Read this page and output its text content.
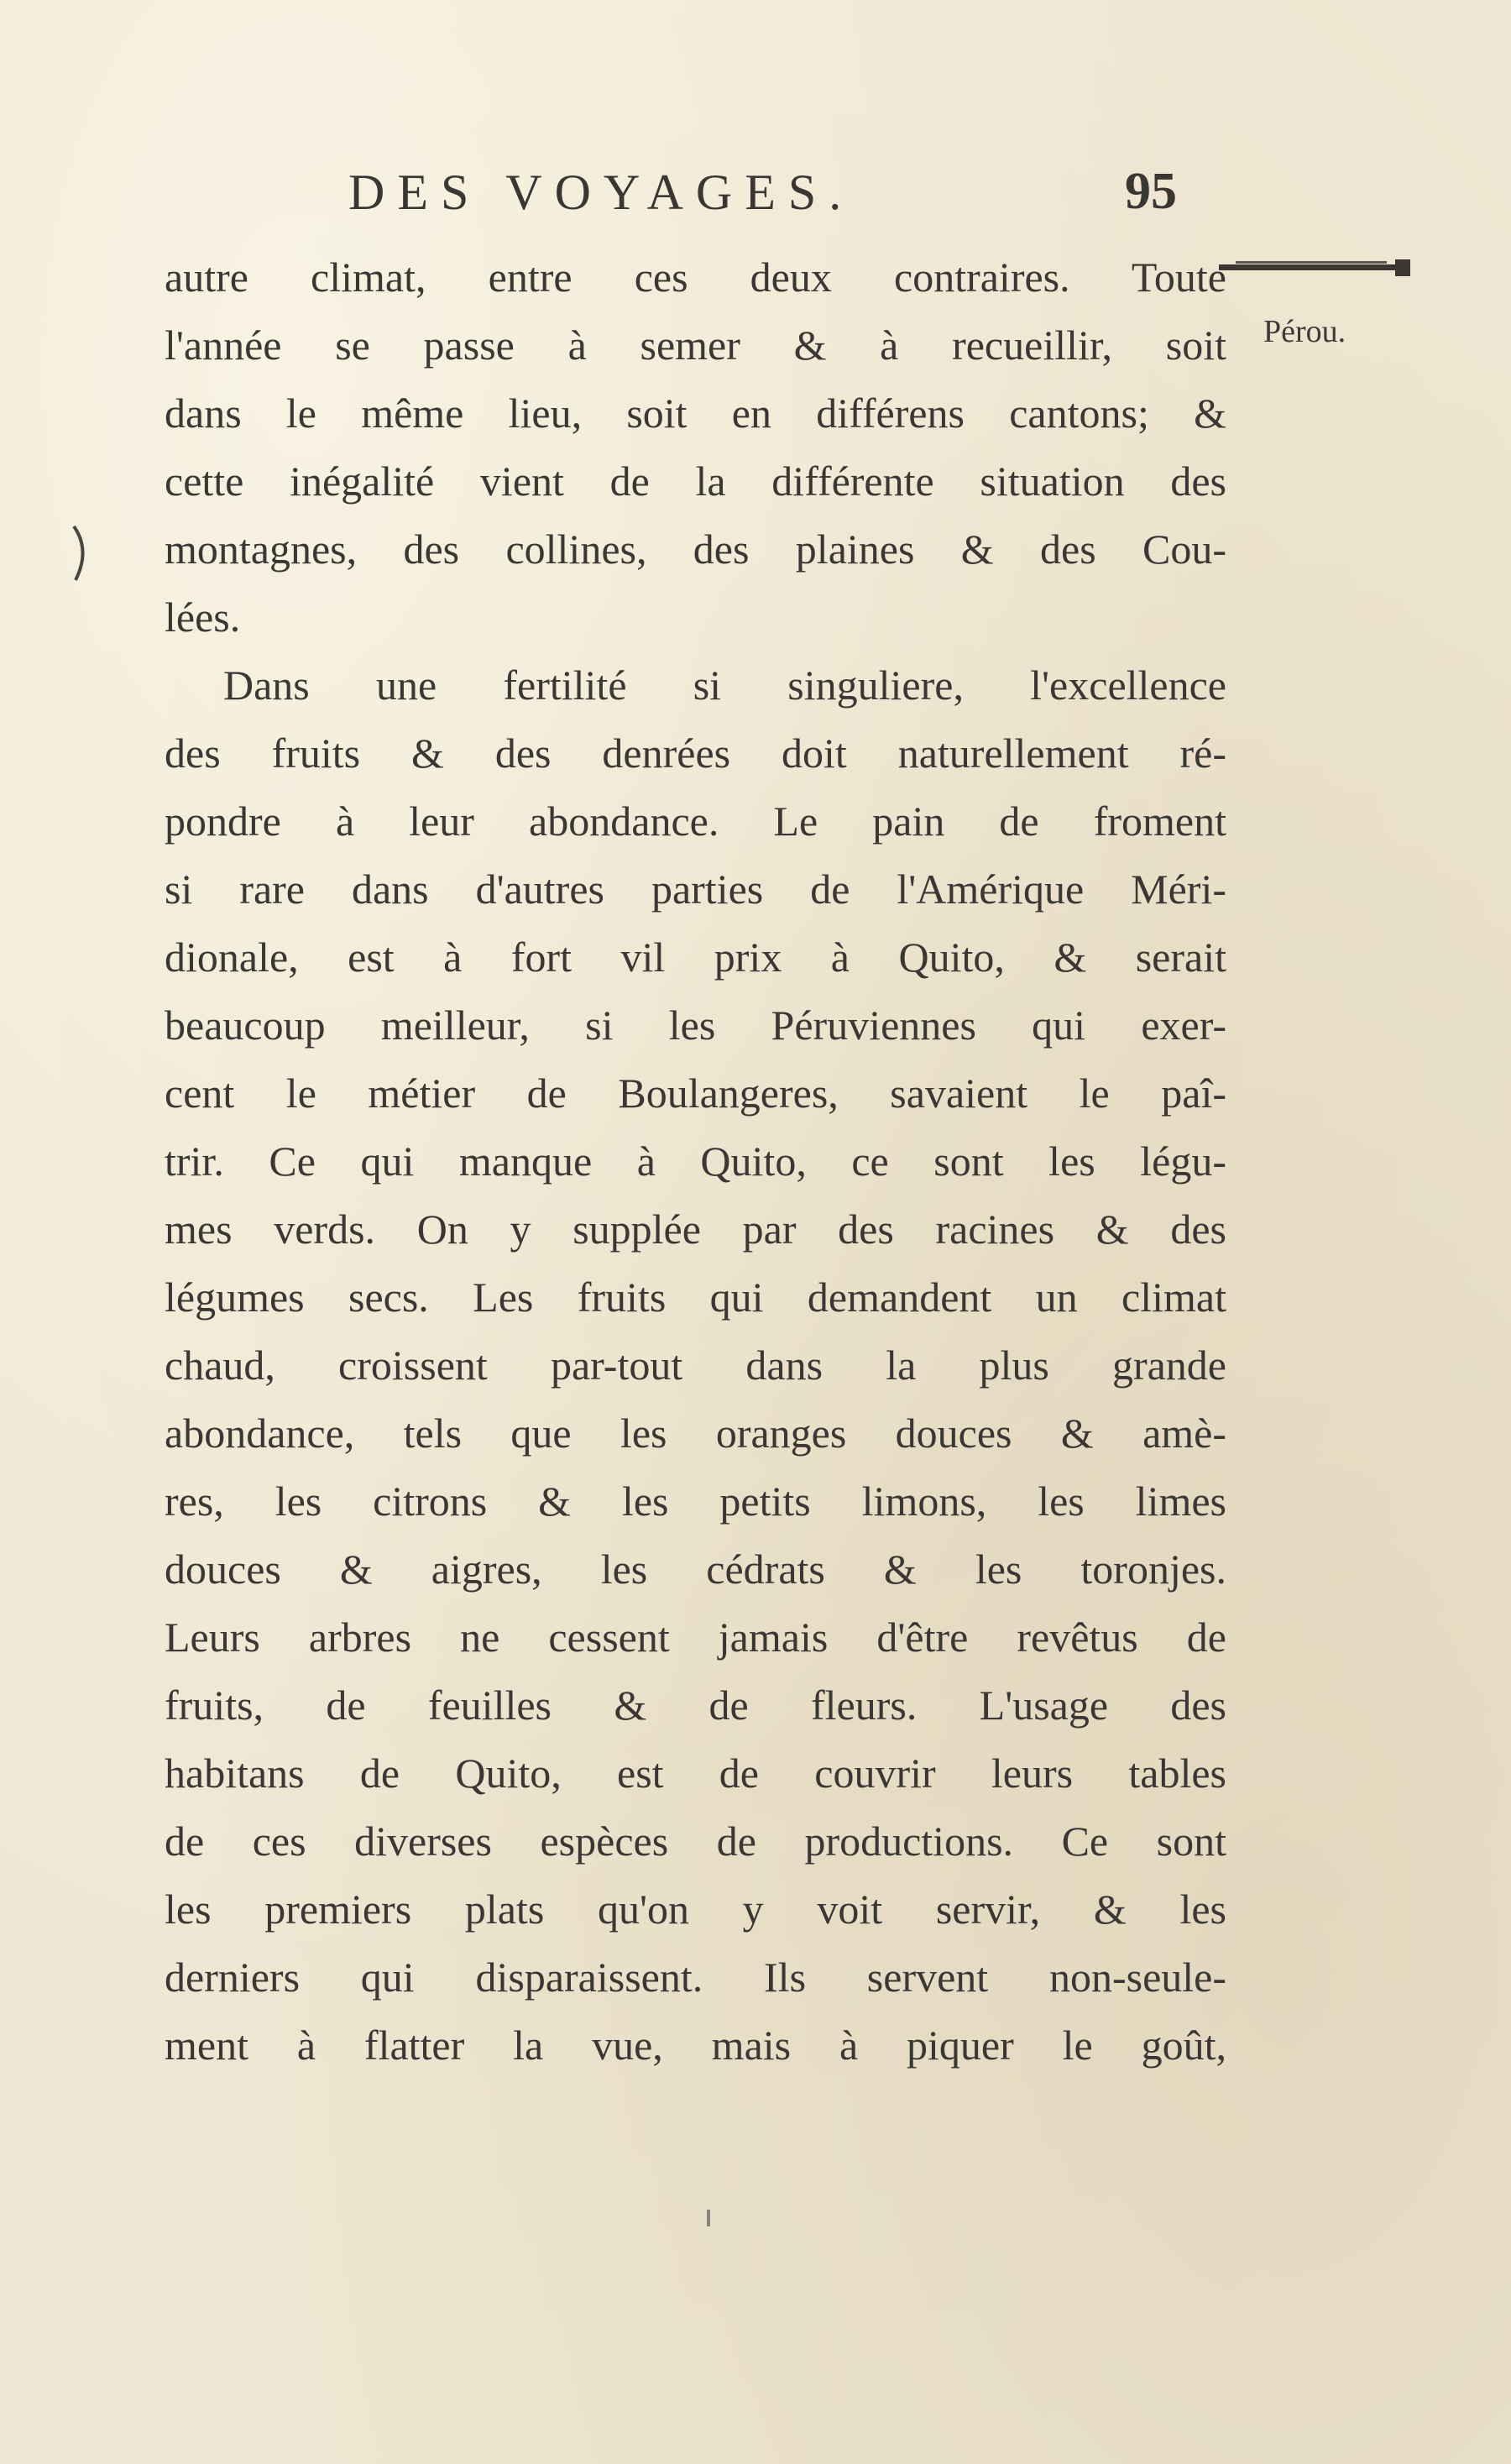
DES VOYAGES.	95
Pérou.
autre climat, entre ces deux contraires. Toute
l'année se passe à semer & à recueillir, soit
dans le même lieu, soit en différens cantons; &
cette inégalité vient de la différente situation des
montagnes, des collines, des plaines & des Cou-
lées.
Dans une fertilité si singuliere, l'excellence
des fruits & des denrées doit naturellement ré-
pondre à leur abondance. Le pain de froment
si rare dans d'autres parties de l'Amérique Méri-
dionale, est à fort vil prix à Quito, & serait
beaucoup meilleur, si les Péruviennes qui exer-
cent le métier de Boulangeres, savaient le paî-
trir. Ce qui manque à Quito, ce sont les légu-
mes verds. On y supplée par des racines & des
légumes secs. Les fruits qui demandent un climat
chaud, croissent par-tout dans la plus grande
abondance, tels que les oranges douces & amè-
res, les citrons & les petits limons, les limes
douces & aigres, les cédrats & les toronjes.
Leurs arbres ne cessent jamais d'être revêtus de
fruits, de feuilles & de fleurs. L'usage des
habitans de Quito, est de couvrir leurs tables
de ces diverses espèces de productions. Ce sont
les premiers plats qu'on y voit servir, & les
derniers qui disparaissent. Ils servent non-seule-
ment à flatter la vue, mais à piquer le goût,
